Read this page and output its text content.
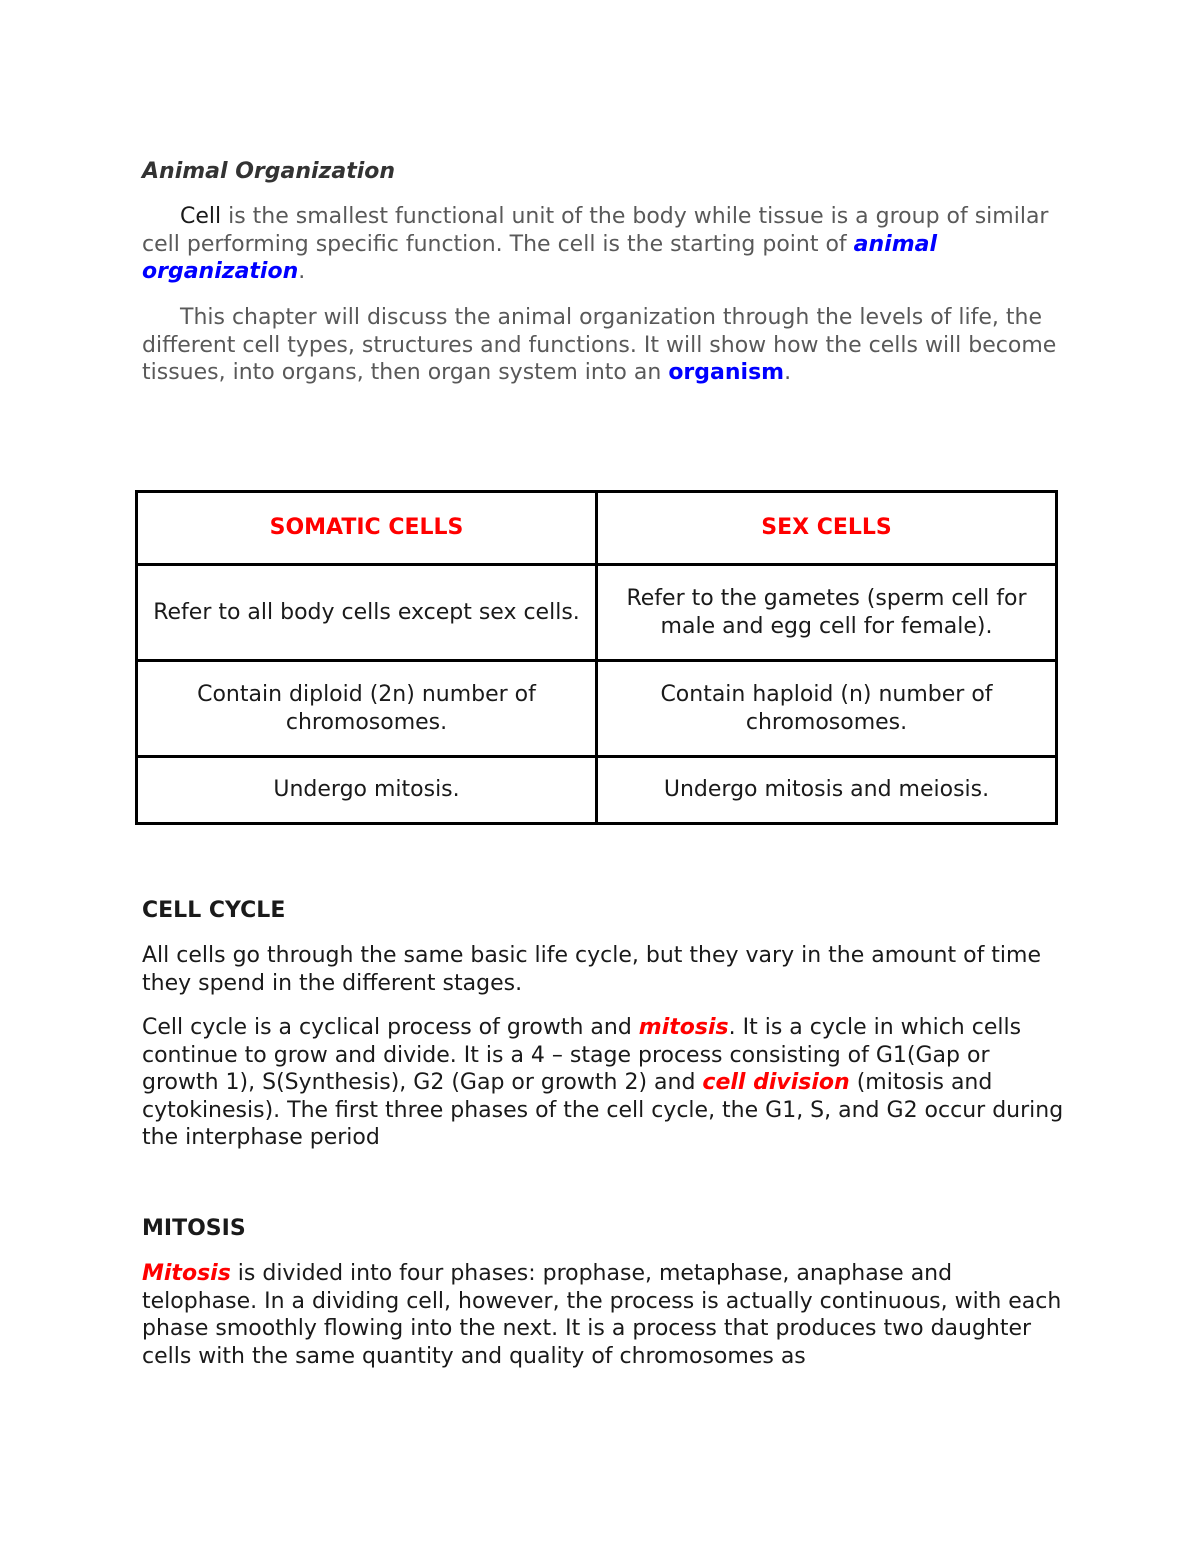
Animal Organization
Cell is the smallest functional unit of the body while tissue is a group of similar cell performing specific function. The cell is the starting point of animal organization.
This chapter will discuss the animal organization through the levels of life, the different cell types, structures and functions. It will show how the cells will become tissues, into organs, then organ system into an organism.
SOMATIC CELLS	SEX CELLS
Refer to all body cells except sex cells.	Refer to the gametes (sperm cell for male and egg cell for female).
Contain diploid (2n) number of chromosomes.	Contain haploid (n) number of chromosomes.
Undergo mitosis.	Undergo mitosis and meiosis.
CELL CYCLE
All cells go through the same basic life cycle, but they vary in the amount of time they spend in the different stages.
Cell cycle is a cyclical process of growth and mitosis. It is a cycle in which cells continue to grow and divide. It is a 4 – stage process consisting of G1(Gap or growth 1), S(Synthesis), G2 (Gap or growth 2) and cell division (mitosis and cytokinesis). The first three phases of the cell cycle, the G1, S, and G2 occur during the interphase period
MITOSIS
Mitosis is divided into four phases: prophase, metaphase, anaphase and telophase. In a dividing cell, however, the process is actually continuous, with each phase smoothly flowing into the next. It is a process that produces two daughter cells with the same quantity and quality of chromosomes as
